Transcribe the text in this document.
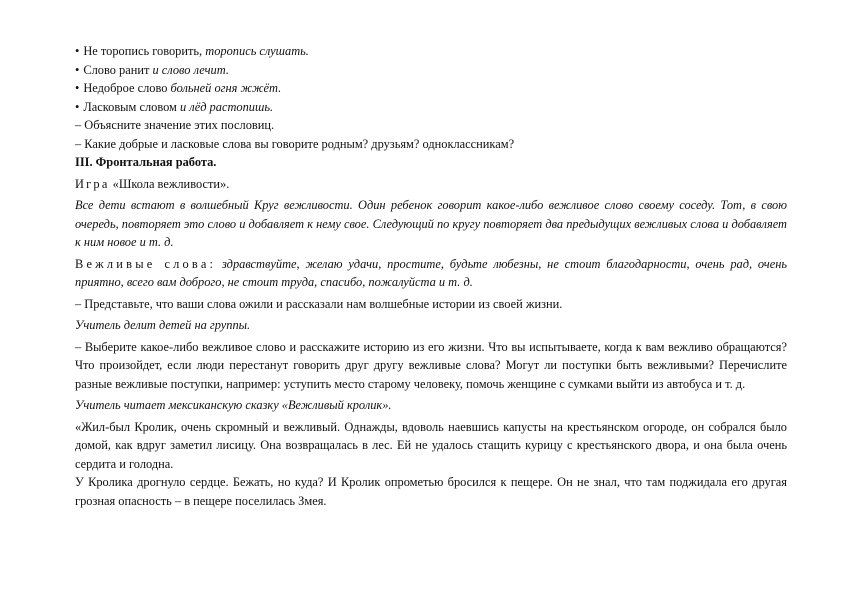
• Не торопись говорить, торопись слушать.

• Слово ранит и слово лечит.

• Недоброе слово больней огня жжёт.

• Ласковым словом и лёд растопишь.

– Объясните значение этих пословиц.

– Какие добрые и ласковые слова вы говорите родным? друзьям? одноклассникам?

III. Фронтальная работа.

Игра «Школа вежливости».

Все дети встают в волшебный Круг вежливости. Один ребенок говорит какое-либо вежливое слово своему соседу. Тот, в свою очередь, повторяет это слово и добавляет к нему свое. Следующий по кругу повторяет два предыдущих вежливых слова и добавляет к ним новое и т. д.

Вежливые слова: здравствуйте, желаю удачи, простите, будьте любезны, не стоит благодарности, очень рад, очень приятно, всего вам доброго, не стоит труда, спасибо, пожалуйста и т. д.

– Представьте, что ваши слова ожили и рассказали нам волшебные истории из своей жизни.

Учитель делит детей на группы.

– Выберите какое-либо вежливое слово и расскажите историю из его жизни. Что вы испытываете, когда к вам вежливо обращаются? Что произойдет, если люди перестанут говорить друг другу вежливые слова? Могут ли поступки быть вежливыми? Перечислите разные вежливые поступки, например: уступить место старому человеку, помочь женщине с сумками выйти из автобуса и т. д.

Учитель читает мексиканскую сказку «Вежливый кролик».

«Жил-был Кролик, очень скромный и вежливый. Однажды, вдоволь наевшись капусты на крестьянском огороде, он собрался было домой, как вдруг заметил лисицу. Она возвращалась в лес. Ей не удалось стащить курицу с крестьянского двора, и она была очень сердита и голодна.

У Кролика дрогнуло сердце. Бежать, но куда? И Кролик опрометью бросился к пещере. Он не знал, что там поджидала его другая грозная опасность – в пещере поселилась Змея.
